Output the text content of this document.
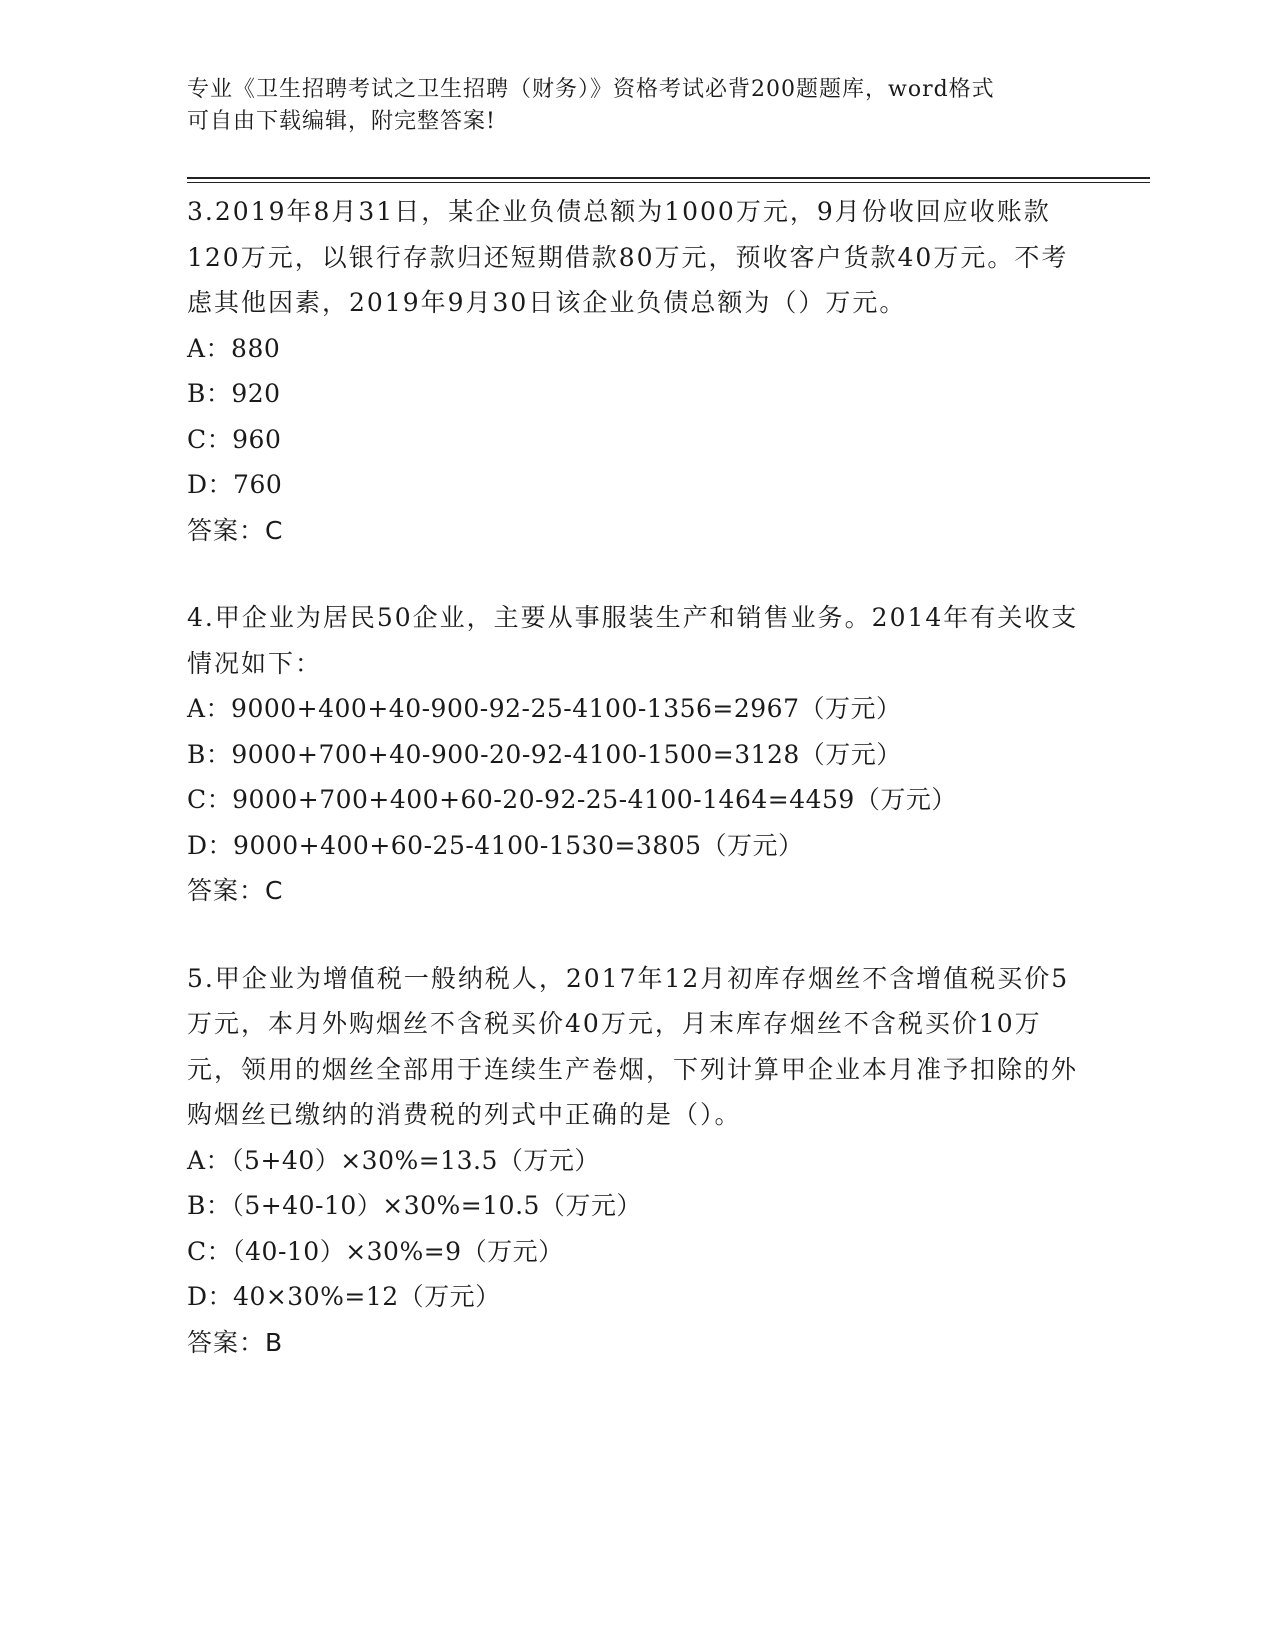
专业《卫生招聘考试之卫生招聘（财务）》资格考试必背200题题库，word格式
可自由下载编辑，附完整答案!
3.2019年8月31日，某企业负债总额为1000万元，9月份收回应收账款120万元，以银行存款归还短期借款80万元，预收客户货款40万元。不考虑其他因素，2019年9月30日该企业负债总额为（）万元。
A：880
B：920
C：960
D：760
答案：C
4.甲企业为居民50企业，主要从事服装生产和销售业务。2014年有关收支情况如下：
A：9000+400+40-900-92-25-4100-1356=2967（万元）
B：9000+700+40-900-20-92-4100-1500=3128（万元）
C：9000+700+400+60-20-92-25-4100-1464=4459（万元）
D：9000+400+60-25-4100-1530=3805（万元）
答案：C
5.甲企业为增值税一般纳税人，2017年12月初库存烟丝不含增值税买价5万元，本月外购烟丝不含税买价40万元，月末库存烟丝不含税买价10万元，领用的烟丝全部用于连续生产卷烟，下列计算甲企业本月准予扣除的外购烟丝已缴纳的消费税的列式中正确的是（）。
A：（5+40）×30%=13.5（万元）
B：（5+40-10）×30%=10.5（万元）
C：（40-10）×30%=9（万元）
D：40×30%=12（万元）
答案：B
